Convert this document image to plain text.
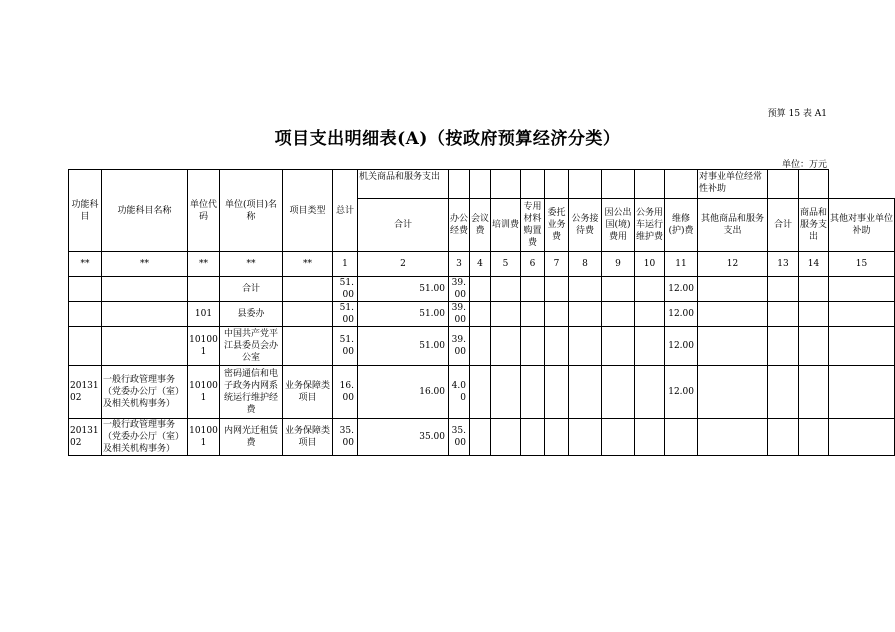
预算 15 表 A1
项目支出明细表(A)（按政府预算经济分类）
单位：万元
功能科目	功能科目名称	单位代码	单位(项目)名称	项目类型	总计	机关商品和服务支出										对事业单位经常性补助			
						合计	办公经费	会议费	培训费	专用材料购置费	委托业务费	公务接待费	因公出国(境)费用	公务用车运行维护费	维修(护)费	其他商品和服务支出	合计	商品和服务支出	其他对事业单位补助
**	**	**	**	**	1	2	3	4	5	6	7	8	9	10	11	12	13	14	15
			合计		51.00	51.00	39.00								12.00				
		101	县委办		51.00	51.00	39.00								12.00				
		101001	中国共产党平江县委员会办公室		51.00	51.00	39.00								12.00				
2013102	一般行政管理事务（党委办公厅（室）及相关机构事务）	101001	密码通信和电子政务内网系统运行维护经费	业务保障类项目	16.00	16.00	4.00								12.00				
2013102	一般行政管理事务（党委办公厅（室）及相关机构事务）	101001	内网光迁租赁费	业务保障类项目	35.00	35.00	35.00												
